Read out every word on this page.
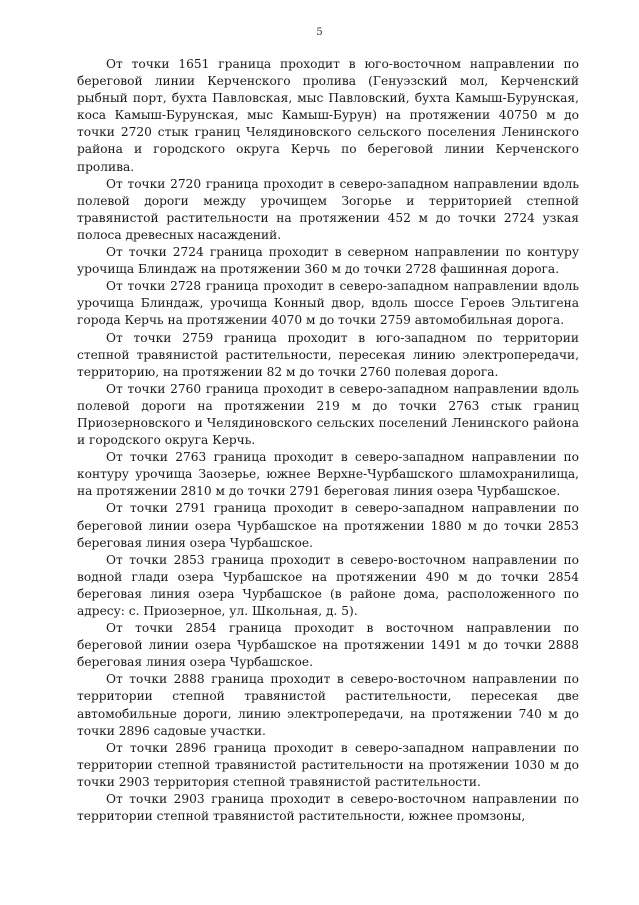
5

От точки 1651 граница проходит в юго-восточном направлении по береговой линии Керченского пролива (Генуэзский мол, Керченский рыбный порт, бухта Павловская, мыс Павловский, бухта Камыш-Бурунская, коса Камыш-Бурунская, мыс Камыш-Бурун) на протяжении 40750 м до точки 2720 стык границ Челядиновского сельского поселения Ленинского района и городского округа Керчь по береговой линии Керченского пролива.

От точки 2720 граница проходит в северо-западном направлении вдоль полевой дороги между урочищем Зогорье и территорией степной травянистой растительности на протяжении 452 м до точки 2724 узкая полоса древесных насаждений.

От точки 2724 граница проходит в северном направлении по контуру урочища Блиндаж на протяжении 360 м до точки 2728 фашинная дорога.

От точки 2728 граница проходит в северо-западном направлении вдоль урочища Блиндаж, урочища Конный двор, вдоль шоссе Героев Эльтигена города Керчь на протяжении 4070 м до точки 2759 автомобильная дорога.

От точки 2759 граница проходит в юго-западном по территории степной травянистой растительности, пересекая линию электропередачи, территорию, на протяжении 82 м до точки 2760 полевая дорога.

От точки 2760 граница проходит в северо-западном направлении вдоль полевой дороги на протяжении 219 м до точки 2763 стык границ Приозерновского и Челядиновского сельских поселений Ленинского района и городского округа Керчь.

От точки 2763 граница проходит в северо-западном направлении по контуру урочища Заозерье, южнее Верхне-Чурбашского шламохранилища, на протяжении 2810 м до точки 2791 береговая линия озера Чурбашское.

От точки 2791 граница проходит в северо-западном направлении по береговой линии озера Чурбашское на протяжении 1880 м до точки 2853 береговая линия озера Чурбашское.

От точки 2853 граница проходит в северо-восточном направлении по водной глади озера Чурбашское на протяжении 490 м до точки 2854 береговая линия озера Чурбашское (в районе дома, расположенного по адресу: с. Приозерное, ул. Школьная, д. 5).

От точки 2854 граница проходит в восточном направлении по береговой линии озера Чурбашское на протяжении 1491 м до точки 2888 береговая линия озера Чурбашское.

От точки 2888 граница проходит в северо-восточном направлении по территории степной травянистой растительности, пересекая две автомобильные дороги, линию электропередачи, на протяжении 740 м до точки 2896 садовые участки.

От точки 2896 граница проходит в северо-западном направлении по территории степной травянистой растительности на протяжении 1030 м до точки 2903 территория степной травянистой растительности.

От точки 2903 граница проходит в северо-восточном направлении по территории степной травянистой растительности, южнее промзоны,
